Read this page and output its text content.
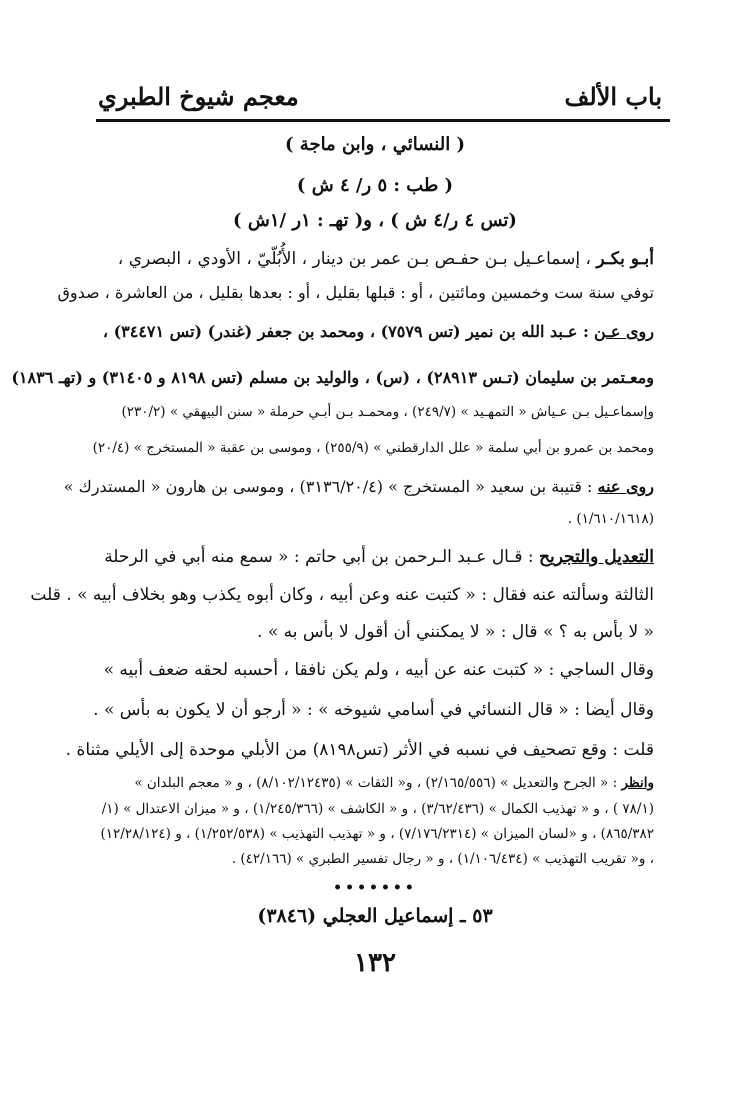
باب الألف
معجم شيوخ الطبري
( النسائي ، وابن ماجة )
( طب : ٥ ر/ ٤ ش )
(تس ٤ ر/٤ ش ) ، و( تهـ : ١ر /١ش )
أبـو بكـر ، إسماعـيل بـن حفـص بـن عمر بن دينار ، الأُبُلّيّ ، الأودي ، البصري ،
توفي سنة ست وخمسين ومائتين ، أو : قبلها بقليل ، أو : بعدها بقليل ، من العاشرة ، صدوق
روى عـن : عـبد الله بن نمير (تس ٧٥٧٩) ، ومحمد بن جعفر (غندر) (تس ٣٤٤٧١) ،
ومعـتمر بن سليمان (تـس ٢٨٩١٣) ، (س) ، والوليد بن مسلم (تس ٨١٩٨ و ٣١٤٠٥) و (تهـ ١٨٣٦)
وإسماعـيل بـن عـياش « التمهـيد » (٢٤٩/٧) ، ومحمـد بـن أبـي حرملة « سنن البيهقي » (٢٣٠/٢)
ومحمد بن عمرو بن أبي سلمة « علل الدارقطني » (٢٥٥/٩) ، وموسى بن عقبة « المستخرج » (٢٠/٤)
روى عنه : قتيبة بن سعيد « المستخرج » (٣١٣٦/٢٠/٤) ، وموسى بن هارون « المستدرك »
(١/٦١٠/١٦١٨) .
التعديل والتجريح : قـال عـبد الـرحمن بن أبي حاتم : « سمع منه أبي في الرحلة
الثالثة وسألته عنه فقال : « كتبت عنه وعن أبيه ، وكان أبوه يكذب وهو بخلاف أبيه » . قلت
« لا بأس به ؟ » قال : « لا يمكنني أن أقول لا بأس به » .
وقال الساجي : « كتبت عنه عن أبيه ، ولم يكن نافقا ، أحسبه لحقه ضعف أبيه »
وقال أيضا : « قال النسائي في أسامي شيوخه » : « أرجو أن لا يكون به بأس » .
قلت : وقع تصحيف في نسبه في الأثر (تس٨١٩٨) من الأبلي موحدة إلى الأيلي مثناة .
وانظر : « الجرح والتعديل » (٢/١٦٥/٥٥٦) ، و« الثقات » (٨/١٠٢/١٢٤٣٥) ، و « معجم البلدان »
(٧٨/١ ) ، و « تهذيب الكمال » (٣/٦٢/٤٣٦) ، و « الكاشف » (١/٢٤٥/٣٦٦) ، و « ميزان الاعتدال » (١/
٨٦٥/٣٨٢) ، و «لسان الميزان » (٧/١٧٦/٢٣١٤) ، و « تهذيب التهذيب » (١/٢٥٢/٥٣٨) ، و (١٢/٢٨/١٢٤)
، و« تقريب التهذيب » (١/١٠٦/٤٣٤) ، و « رجال تفسير الطبري » (٤٢/١٦٦) .
•••••••
٥٣ ـ إسماعيل العجلي (٣٨٤٦)
١٣٢
